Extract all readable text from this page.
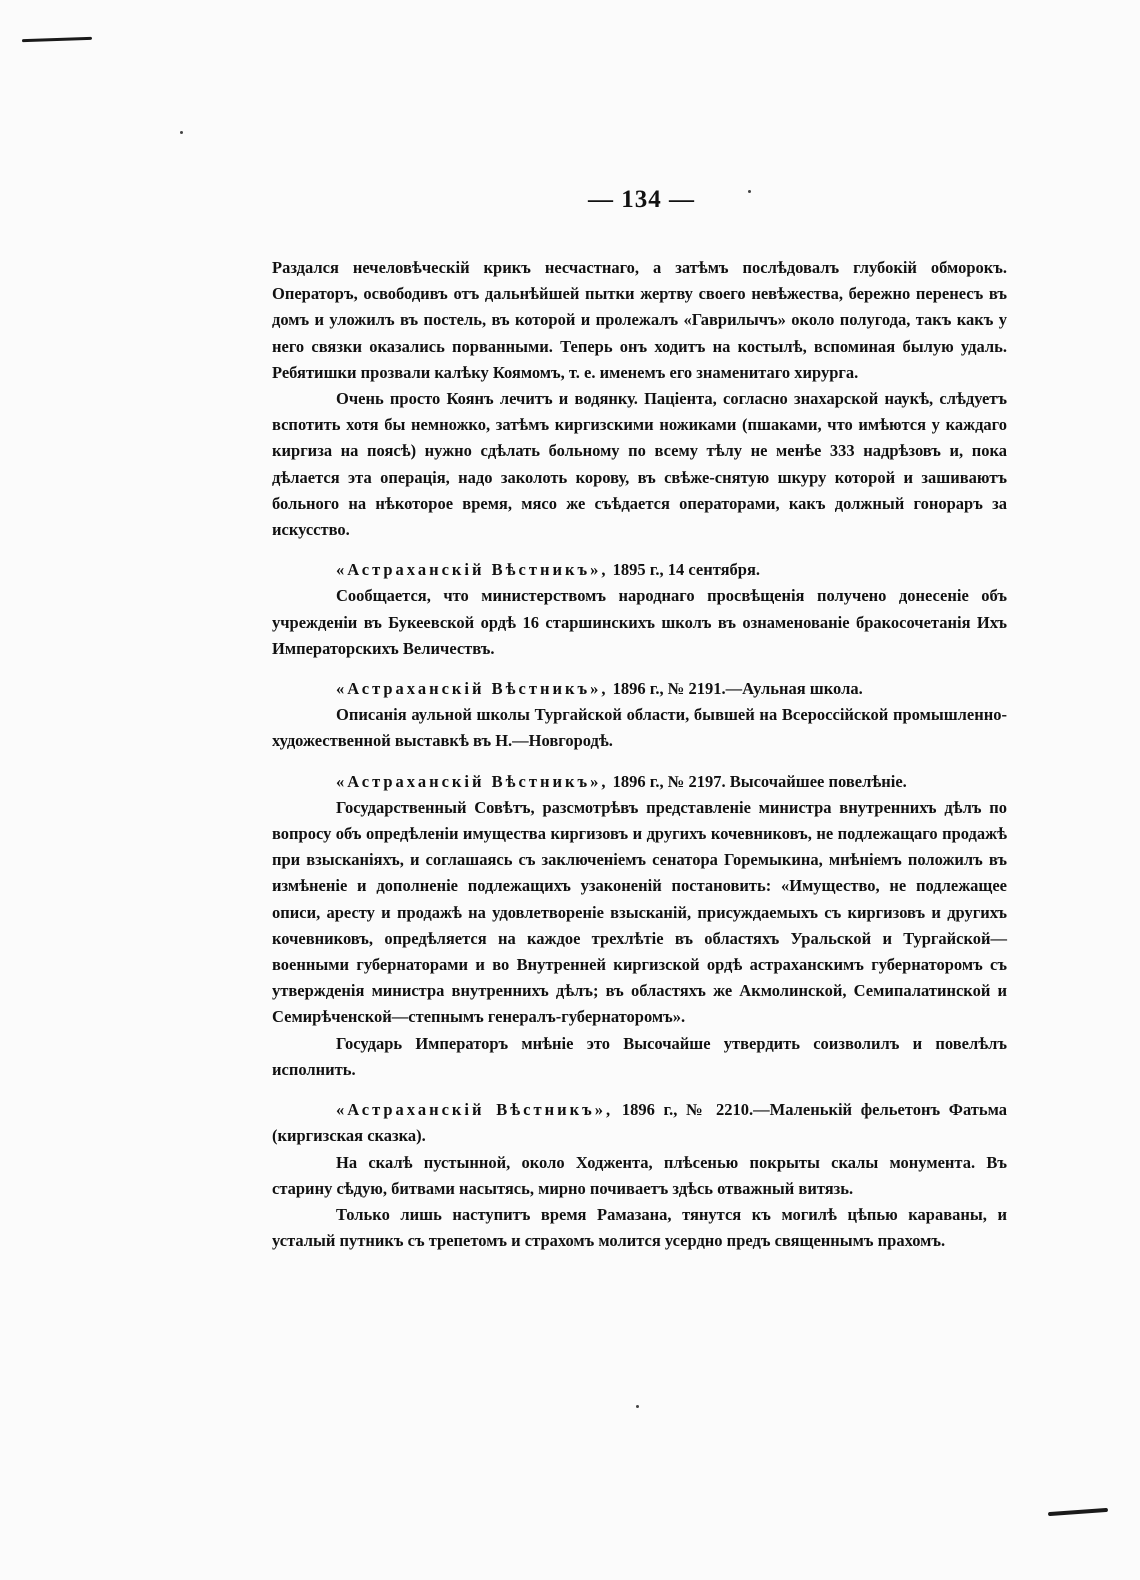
— 134 —

Раздался нечеловѣческій крикъ несчастнаго, а затѣмъ послѣдовалъ глубокій обморокъ. Операторъ, освободивъ отъ дальнѣйшей пытки жертву своего невѣжества, бережно перенесъ въ домъ и уложилъ въ постель, въ которой и пролежалъ «Гаврилычъ» около полугода, такъ какъ у него связки оказались порванными. Теперь онъ ходитъ на костылѣ, вспоминая былую удаль. Ребятишки прозвали калѣку Коямомъ, т. е. именемъ его знаменитаго хирурга.

Очень просто Коянъ лечитъ и водянку. Паціента, согласно знахарской наукѣ, слѣдуетъ вспотить хотя бы немножко, затѣмъ киргизскими ножиками (пшаками, что имѣются у каждаго киргиза на поясѣ) нужно сдѣлать больному по всему тѣлу не менѣе 333 надрѣзовъ и, пока дѣлается эта операція, надо заколоть корову, въ свѣже-снятую шкуру которой и зашиваютъ больного на нѣкоторое время, мясо же съѣдается операторами, какъ должный гонораръ за искусство.

«Астраханскій Вѣстникъ», 1895 г., 14 сентября.

Сообщается, что министерствомъ народнаго просвѣщенія получено донесеніе объ учрежденіи въ Букеевской ордѣ 16 старшинскихъ школъ въ ознаменованіе бракосочетанія Ихъ Императорскихъ Величествъ.

«Астраханскій Вѣстникъ», 1896 г., № 2191.—Аульная школа.

Описанія аульной школы Тургайской области, бывшей на Всероссійской промышленно-художественной выставкѣ въ Н.—Новгородѣ.

«Астраханскій Вѣстникъ», 1896 г., № 2197. Высочайшее повелѣніе.

Государственный Совѣтъ, разсмотрѣвъ представленіе министра внутреннихъ дѣлъ по вопросу объ опредѣленіи имущества киргизовъ и другихъ кочевниковъ, не подлежащаго продажѣ при взысканіяхъ, и соглашаясь съ заключеніемъ сенатора Горемыкина, мнѣніемъ положилъ въ измѣненіе и дополненіе подлежащихъ узаконеній постановить: «Имущество, не подлежащее описи, аресту и продажѣ на удовлетвореніе взысканій, присуждаемыхъ съ киргизовъ и другихъ кочевниковъ, опредѣляется на каждое трехлѣтіе въ областяхъ Уральской и Тургайской—военными губернаторами и во Внутренней киргизской ордѣ астраханскимъ губернаторомъ съ утвержденія министра внутреннихъ дѣлъ; въ областяхъ же Акмолинской, Семипалатинской и Семирѣченской—степнымъ генералъ-губернаторомъ».

Государь Императоръ мнѣніе это Высочайше утвердить соизволилъ и повелѣлъ исполнить.

«Астраханскій Вѣстникъ», 1896 г., № 2210.—Маленькій фельетонъ Фатьма (киргизская сказка).

На скалѣ пустынной, около Ходжента, плѣсенью покрыты скалы монумента. Въ старину сѣдую, битвами насытясь, мирно почиваетъ здѣсь отважный витязь.

Только лишь наступитъ время Рамазана, тянутся къ могилѣ цѣпью караваны, и усталый путникъ съ трепетомъ и страхомъ молится усердно предъ священнымъ прахомъ.
